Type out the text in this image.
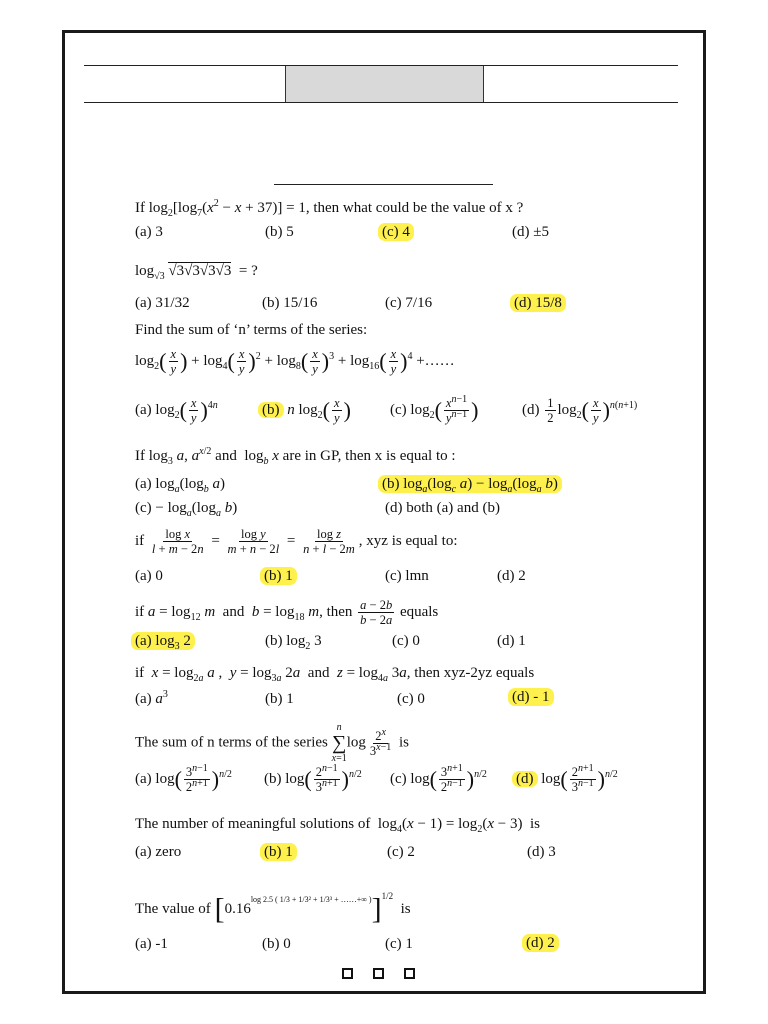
If $\log_2[\log_7(x^2 - x + 37)] = 1$, then what could be the value of x ?
(a) 3	(b) 5	(c) 4	(d) ±5
$\log_{√3} √3√3√3√3$ = ?
(a) 31/32	(b) 15/16	(c) 7/16	(d) 15/8
Find the sum of ‘n’ terms of the series:
$\log_2( \frac{x}{y}$ ) + $\log_4( \frac{x}{y} )^2 + \log_8( \frac{x}{y} )^3 + \log_{16}( \frac{x}{y} )^4$ +……
(a) $\log_2( \frac{x}{y} )^{4n}$	(b) n $\log_2( \frac{x}{y}$ )	(c) $\log_2( \frac{x^{n-1}}{y^{n-1}}$ )	$(d) \frac{1}{2} \log_2( \frac{x}{y} )^{n(n+1)}$
If $\log_3 a$, $a^{x/2}$ and  $\log_b x$ are in GP, then x is equal to :
(a) $\log_a(\log_b$ a)	(b) $\log_a(\log_c$ $a) - \log_a(\log_a$ b)
$(c) - \log_a(\log_a$ b)	(d) both (a) and (b)
if $\frac{\text{log x}}{l + m - 2n} = \frac{\text{log y}}{m + n - 2l} = \frac{\text{log z}}{n + l - 2m}$ , xyz is equal to:
(a) 0	(b) 1	(c) lmn	(d) 2
if $a = \log_{12} m$ and $b = \log_{18} m$, then $\frac{a - 2b}{b - 2a}$ equals
(a) $\log_3 2$	(b) $\log_2 3$	(c) 0	(d) 1
if $x = \log_{2a} a$ ,  $y = \log_{3a} 2a$ and $z = \log_{4a} 3a$, then xyz-2yz equals
(a) $a^3$	(b) 1	(c) 0	(d) - 1
The sum of n terms of the series
n
∑
x=1
$\log \frac{2^x}{3^{x-1}}$ is
(a) $\log( \frac{3^{n-1}}{2^{n+1}} )^{n/2}$ (b) $\log( \frac{2^{n-1}}{3^{n+1}} )^{n/2}$ (c) $\log( \frac{3^{n+1}}{2^{n-1}} )^{n/2}$ (d) $\log( \frac{2^{n+1}}{3^{n-1}} )^{n/2}$
The number of meaningful solutions of  $\log_4(x - 1) = \log_2(x - 3)$  is
(a) zero	(b) 1	(c) 2	(d) 3
The value of $[0.16^{log 2.5 ( 1/3 + 1/3^2 + 1/3^3 + \dots\dots+\infty )}]^{1/2}$  is
(a) -1	(b) 0	(c) 1	(d) 2
